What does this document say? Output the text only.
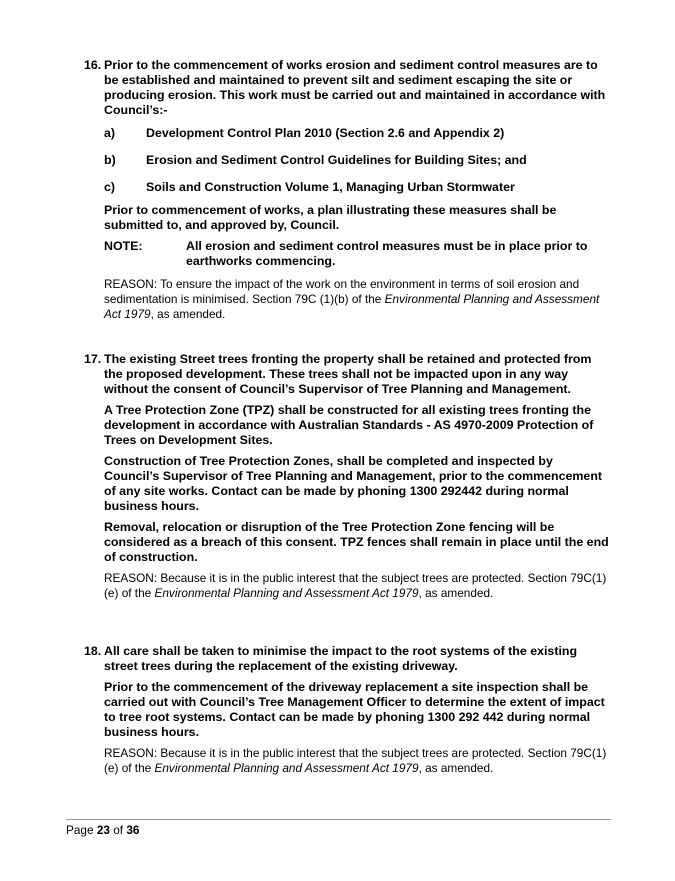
16. Prior to the commencement of works erosion and sediment control measures are to be established and maintained to prevent silt and sediment escaping the site or producing erosion. This work must be carried out and maintained in accordance with Council’s:-
a)	Development Control Plan 2010 (Section 2.6 and Appendix 2)
b)	Erosion and Sediment Control Guidelines for Building Sites; and
c)	Soils and Construction Volume 1, Managing Urban Stormwater
Prior to commencement of works, a plan illustrating these measures shall be submitted to, and approved by, Council.
NOTE:	All erosion and sediment control measures must be in place prior to earthworks commencing.
REASON: To ensure the impact of the work on the environment in terms of soil erosion and sedimentation is minimised. Section 79C (1)(b) of the Environmental Planning and Assessment Act 1979, as amended.
17. The existing Street trees fronting the property shall be retained and protected from the proposed development. These trees shall not be impacted upon in any way without the consent of Council’s Supervisor of Tree Planning and Management.
A Tree Protection Zone (TPZ) shall be constructed for all existing trees fronting the development in accordance with Australian Standards - AS 4970-2009 Protection of Trees on Development Sites.
Construction of Tree Protection Zones, shall be completed and inspected by Council’s Supervisor of Tree Planning and Management, prior to the commencement of any site works. Contact can be made by phoning 1300 292442 during normal business hours.
Removal, relocation or disruption of the Tree Protection Zone fencing will be considered as a breach of this consent. TPZ fences shall remain in place until the end of construction.
REASON: Because it is in the public interest that the subject trees are protected. Section 79C(1)(e) of the Environmental Planning and Assessment Act 1979, as amended.
18. All care shall be taken to minimise the impact to the root systems of the existing street trees during the replacement of the existing driveway.
Prior to the commencement of the driveway replacement a site inspection shall be carried out with Council’s Tree Management Officer to determine the extent of impact to tree root systems. Contact can be made by phoning 1300 292 442 during normal business hours.
REASON: Because it is in the public interest that the subject trees are protected. Section 79C(1)(e) of the Environmental Planning and Assessment Act 1979, as amended.
Page 23 of 36
